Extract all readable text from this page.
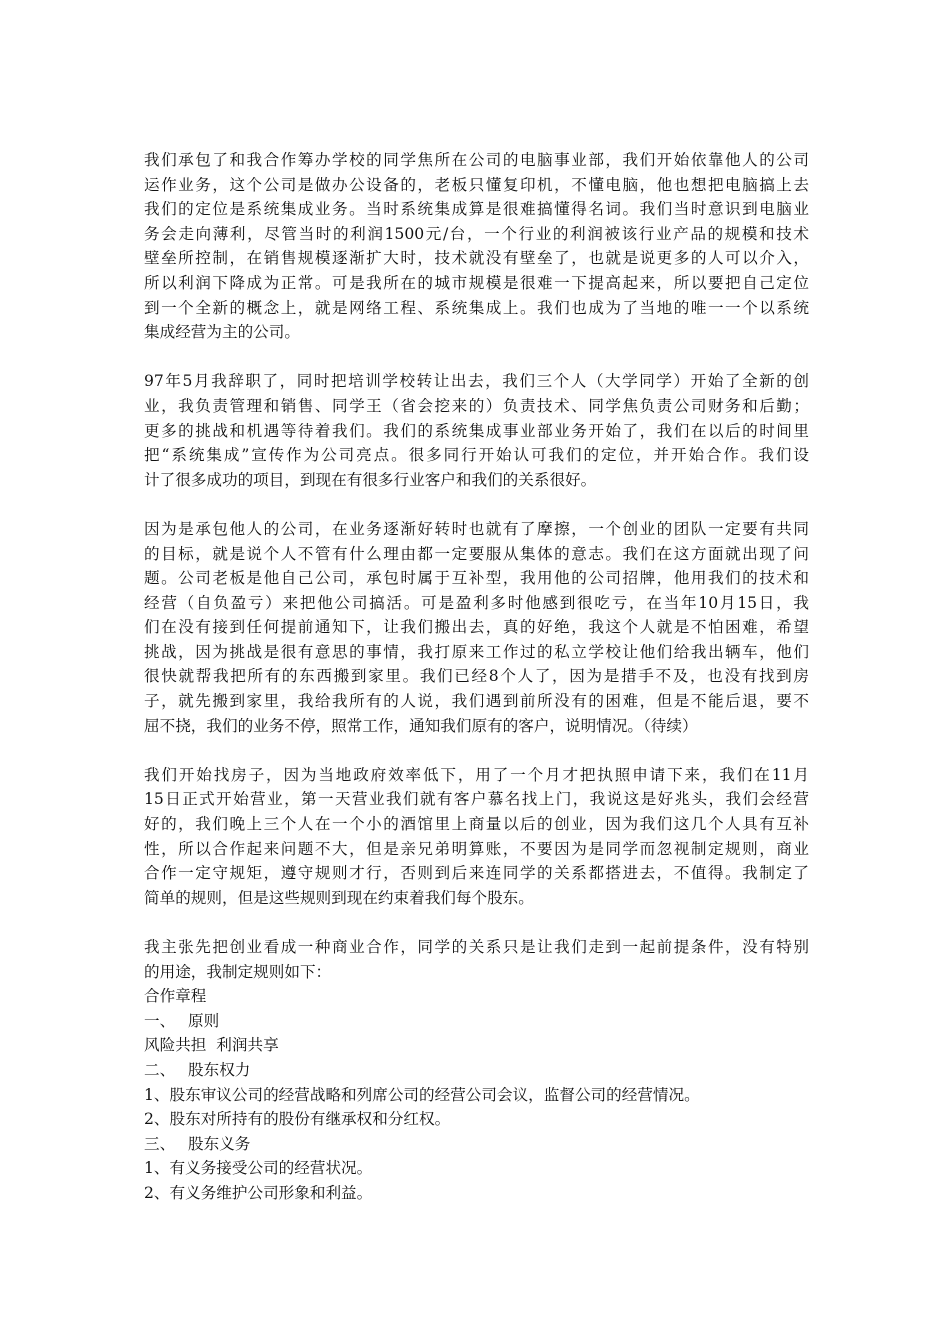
我们承包了和我合作筹办学校的同学焦所在公司的电脑事业部，我们开始依靠他人的公司
运作业务，这个公司是做办公设备的，老板只懂复印机，不懂电脑，他也想把电脑搞上去
我们的定位是系统集成业务。当时系统集成算是很难搞懂得名词。我们当时意识到电脑业
务会走向薄利，尽管当时的利润1500元/台，一个行业的利润被该行业产品的规模和技术
壁垒所控制，在销售规模逐渐扩大时，技术就没有壁垒了，也就是说更多的人可以介入，
所以利润下降成为正常。可是我所在的城市规模是很难一下提高起来，所以要把自己定位
到一个全新的概念上，就是网络工程、系统集成上。我们也成为了当地的唯一一个以系统
集成经营为主的公司。
97年5月我辞职了，同时把培训学校转让出去，我们三个人（大学同学）开始了全新的创
业，我负责管理和销售、同学王（省会挖来的）负责技术、同学焦负责公司财务和后勤；
更多的挑战和机遇等待着我们。我们的系统集成事业部业务开始了，我们在以后的时间里
把“系统集成”宣传作为公司亮点。很多同行开始认可我们的定位，并开始合作。我们设
计了很多成功的项目，到现在有很多行业客户和我们的关系很好。
因为是承包他人的公司，在业务逐渐好转时也就有了摩擦，一个创业的团队一定要有共同
的目标，就是说个人不管有什么理由都一定要服从集体的意志。我们在这方面就出现了问
题。公司老板是他自己公司，承包时属于互补型，我用他的公司招牌，他用我们的技术和
经营（自负盈亏）来把他公司搞活。可是盈利多时他感到很吃亏，在当年10月15日，我
们在没有接到任何提前通知下，让我们搬出去，真的好绝，我这个人就是不怕困难，希望
挑战，因为挑战是很有意思的事情，我打原来工作过的私立学校让他们给我出辆车，他们
很快就帮我把所有的东西搬到家里。我们已经8个人了，因为是措手不及，也没有找到房
子，就先搬到家里，我给我所有的人说，我们遇到前所没有的困难，但是不能后退，要不
屈不挠，我们的业务不停，照常工作，通知我们原有的客户，说明情况。（待续）
我们开始找房子，因为当地政府效率低下，用了一个月才把执照申请下来，我们在11月
15日正式开始营业，第一天营业我们就有客户慕名找上门，我说这是好兆头，我们会经营
好的，我们晚上三个人在一个小的酒馆里上商量以后的创业，因为我们这几个人具有互补
性，所以合作起来问题不大，但是亲兄弟明算账，不要因为是同学而忽视制定规则，商业
合作一定守规矩，遵守规则才行，否则到后来连同学的关系都搭进去，不值得。我制定了
简单的规则，但是这些规则到现在约束着我们每个股东。
我主张先把创业看成一种商业合作，同学的关系只是让我们走到一起前提条件，没有特别
的用途，我制定规则如下：
合作章程
一、 原则
风险共担  利润共享
二、 股东权力
1、股东审议公司的经营战略和列席公司的经营公司会议，监督公司的经营情况。
2、股东对所持有的股份有继承权和分红权。
三、 股东义务
1、有义务接受公司的经营状况。
2、有义务维护公司形象和利益。
